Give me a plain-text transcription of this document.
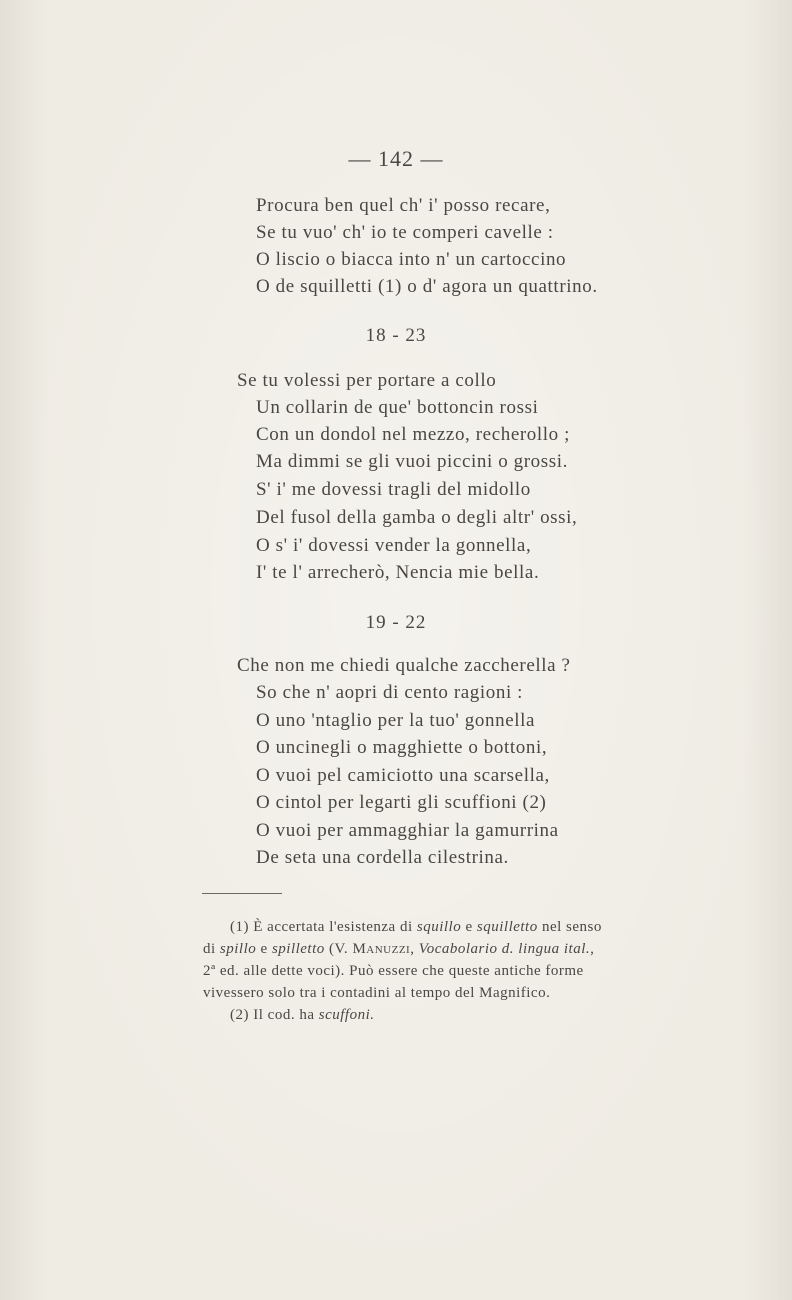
— 142 —
Procura ben quel ch' i' posso recare,
Se tu vuo' ch' io te comperi cavelle :
O liscio o biacca into n' un cartoccino
O de squilletti (1) o d' agora un quattrino.
18 - 23
Se tu volessi per portare a collo
Un collarin de que' bottoncin rossi
Con un dondol nel mezzo, recherollo ;
Ma dimmi se gli vuoi piccini o grossi.
S' i' me dovessi tragli del midollo
Del fusol della gamba o degli altr' ossi,
O s' i' dovessi vender la gonnella,
I' te l' arrecherò, Nencia mie bella.
19 - 22
Che non me chiedi qualche zaccherella ?
So che n' aopri di cento ragioni :
O uno 'ntaglio per la tuo' gonnella
O uncinegli o magghiette o bottoni,
O vuoi pel camiciotto una scarsella,
O cintol per legarti gli scuffioni (2)
O vuoi per ammagghiar la gamurrina
De seta una cordella cilestrina.
(1) È accertata l'esistenza di squillo e squilletto nel senso
di spillo e spilletto (V. Manuzzi, Vocabolario d. lingua ital.,
2ª ed. alle dette voci). Può essere che queste antiche forme
vivessero solo tra i contadini al tempo del Magnifico.
(2) Il cod. ha scuffoni.
